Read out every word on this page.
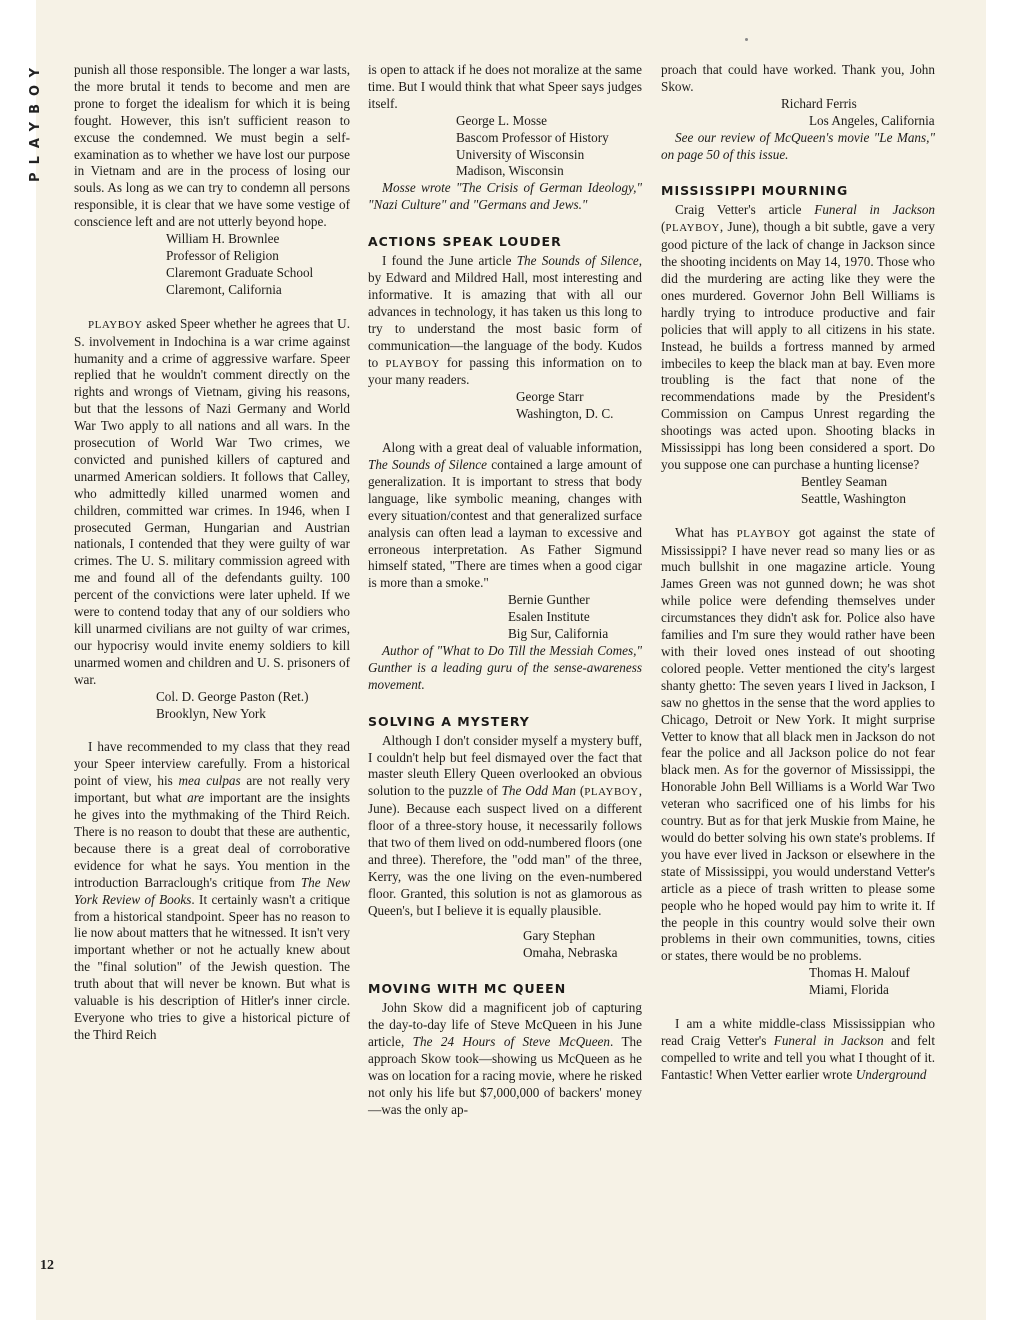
PLAYBOY
12

punish all those responsible. The longer a war lasts, the more brutal it tends to become and men are prone to forget the idealism for which it is being fought. However, this isn't sufficient reason to excuse the condemned. We must begin a self-examination as to whether we have lost our purpose in Vietnam and are in the process of losing our souls. As long as we can try to condemn all persons responsible, it is clear that we have some vestige of conscience left and are not utterly beyond hope.

William H. Brownlee
Professor of Religion
Claremont Graduate School
Claremont, California

PLAYBOY asked Speer whether he agrees that U. S. involvement in Indochina is a war crime against humanity and a crime of aggressive warfare. Speer replied that he wouldn't comment directly on the rights and wrongs of Vietnam, giving his reasons, but that the lessons of Nazi Germany and World War Two apply to all nations and all wars. In the prosecution of World War Two crimes, we convicted and punished killers of captured and unarmed American soldiers. It follows that Calley, who admittedly killed unarmed women and children, committed war crimes. In 1946, when I prosecuted German, Hungarian and Austrian nationals, I contended that they were guilty of war crimes. The U. S. military commission agreed with me and found all of the defendants guilty. 100 percent of the convictions were later upheld. If we were to contend today that any of our soldiers who kill unarmed civilians are not guilty of war crimes, our hypocrisy would invite enemy soldiers to kill unarmed women and children and U. S. prisoners of war.

Col. D. George Paston (Ret.)
Brooklyn, New York

I have recommended to my class that they read your Speer interview carefully. From a historical point of view, his mea culpas are not really very important, but what are important are the insights he gives into the mythmaking of the Third Reich. There is no reason to doubt that these are authentic, because there is a great deal of corroborative evidence for what he says. You mention in the introduction Barraclough's critique from The New York Review of Books. It certainly wasn't a critique from a historical standpoint. Speer has no reason to lie now about matters that he witnessed. It isn't very important whether or not he actually knew about the "final solution" of the Jewish question. The truth about that will never be known. But what is valuable is his description of Hitler's inner circle. Everyone who tries to give a historical picture of the Third Reich

is open to attack if he does not moralize at the same time. But I would think that what Speer says judges itself.

George L. Mosse
Bascom Professor of History
University of Wisconsin
Madison, Wisconsin

Mosse wrote "The Crisis of German Ideology," "Nazi Culture" and "Germans and Jews."

ACTIONS SPEAK LOUDER

I found the June article The Sounds of Silence, by Edward and Mildred Hall, most interesting and informative. It is amazing that with all our advances in technology, it has taken us this long to try to understand the most basic form of communication—the language of the body. Kudos to PLAYBOY for passing this information on to your many readers.

George Starr
Washington, D. C.

Along with a great deal of valuable information, The Sounds of Silence contained a large amount of generalization. It is important to stress that body language, like symbolic meaning, changes with every situation/contest and that generalized surface analysis can often lead a layman to excessive and erroneous interpretation. As Father Sigmund himself stated, "There are times when a good cigar is more than a smoke."

Bernie Gunther
Esalen Institute
Big Sur, California

Author of "What to Do Till the Messiah Comes," Gunther is a leading guru of the sense-awareness movement.

SOLVING A MYSTERY

Although I don't consider myself a mystery buff, I couldn't help but feel dismayed over the fact that master sleuth Ellery Queen overlooked an obvious solution to the puzzle of The Odd Man (PLAYBOY, June). Because each suspect lived on a different floor of a three-story house, it necessarily follows that two of them lived on odd-numbered floors (one and three). Therefore, the "odd man" of the three, Kerry, was the one living on the even-numbered floor. Granted, this solution is not as glamorous as Queen's, but I believe it is equally plausible.

Gary Stephan
Omaha, Nebraska
MOVING WITH MC QUEEN

John Skow did a magnificent job of capturing the day-to-day life of Steve McQueen in his June article, The 24 Hours of Steve McQueen. The approach Skow took—showing us McQueen as he was on location for a racing movie, where he risked not only his life but $7,000,000 of backers' money—was the only ap-

proach that could have worked. Thank you, John Skow.

Richard Ferris
Los Angeles, California

See our review of McQueen's movie "Le Mans," on page 50 of this issue.

MISSISSIPPI MOURNING

Craig Vetter's article Funeral in Jackson (PLAYBOY, June), though a bit subtle, gave a very good picture of the lack of change in Jackson since the shooting incidents on May 14, 1970. Those who did the murdering are acting like they were the ones murdered. Governor John Bell Williams is hardly trying to introduce productive and fair policies that will apply to all citizens in his state. Instead, he builds a fortress manned by armed imbeciles to keep the black man at bay. Even more troubling is the fact that none of the recommendations made by the President's Commission on Campus Unrest regarding the shootings was acted upon. Shooting blacks in Mississippi has long been considered a sport. Do you suppose one can purchase a hunting license?

Bentley Seaman
Seattle, Washington

What has PLAYBOY got against the state of Mississippi? I have never read so many lies or as much bullshit in one magazine article. Young James Green was not gunned down; he was shot while police were defending themselves under circumstances they didn't ask for. Police also have families and I'm sure they would rather have been with their loved ones instead of out shooting colored people. Vetter mentioned the city's largest shanty ghetto: The seven years I lived in Jackson, I saw no ghettos in the sense that the word applies to Chicago, Detroit or New York. It might surprise Vetter to know that all black men in Jackson do not fear the police and all Jackson police do not fear black men. As for the governor of Mississippi, the Honorable John Bell Williams is a World War Two veteran who sacrificed one of his limbs for his country. But as for that jerk Muskie from Maine, he would do better solving his own state's problems. If you have ever lived in Jackson or elsewhere in the state of Mississippi, you would understand Vetter's article as a piece of trash written to please some people who he hoped would pay him to write it. If the people in this country would solve their own problems in their own communities, towns, cities or states, there would be no problems.

Thomas H. Malouf
Miami, Florida

I am a white middle-class Mississippian who read Craig Vetter's Funeral in Jackson and felt compelled to write and tell you what I thought of it. Fantastic! When Vetter earlier wrote Underground
